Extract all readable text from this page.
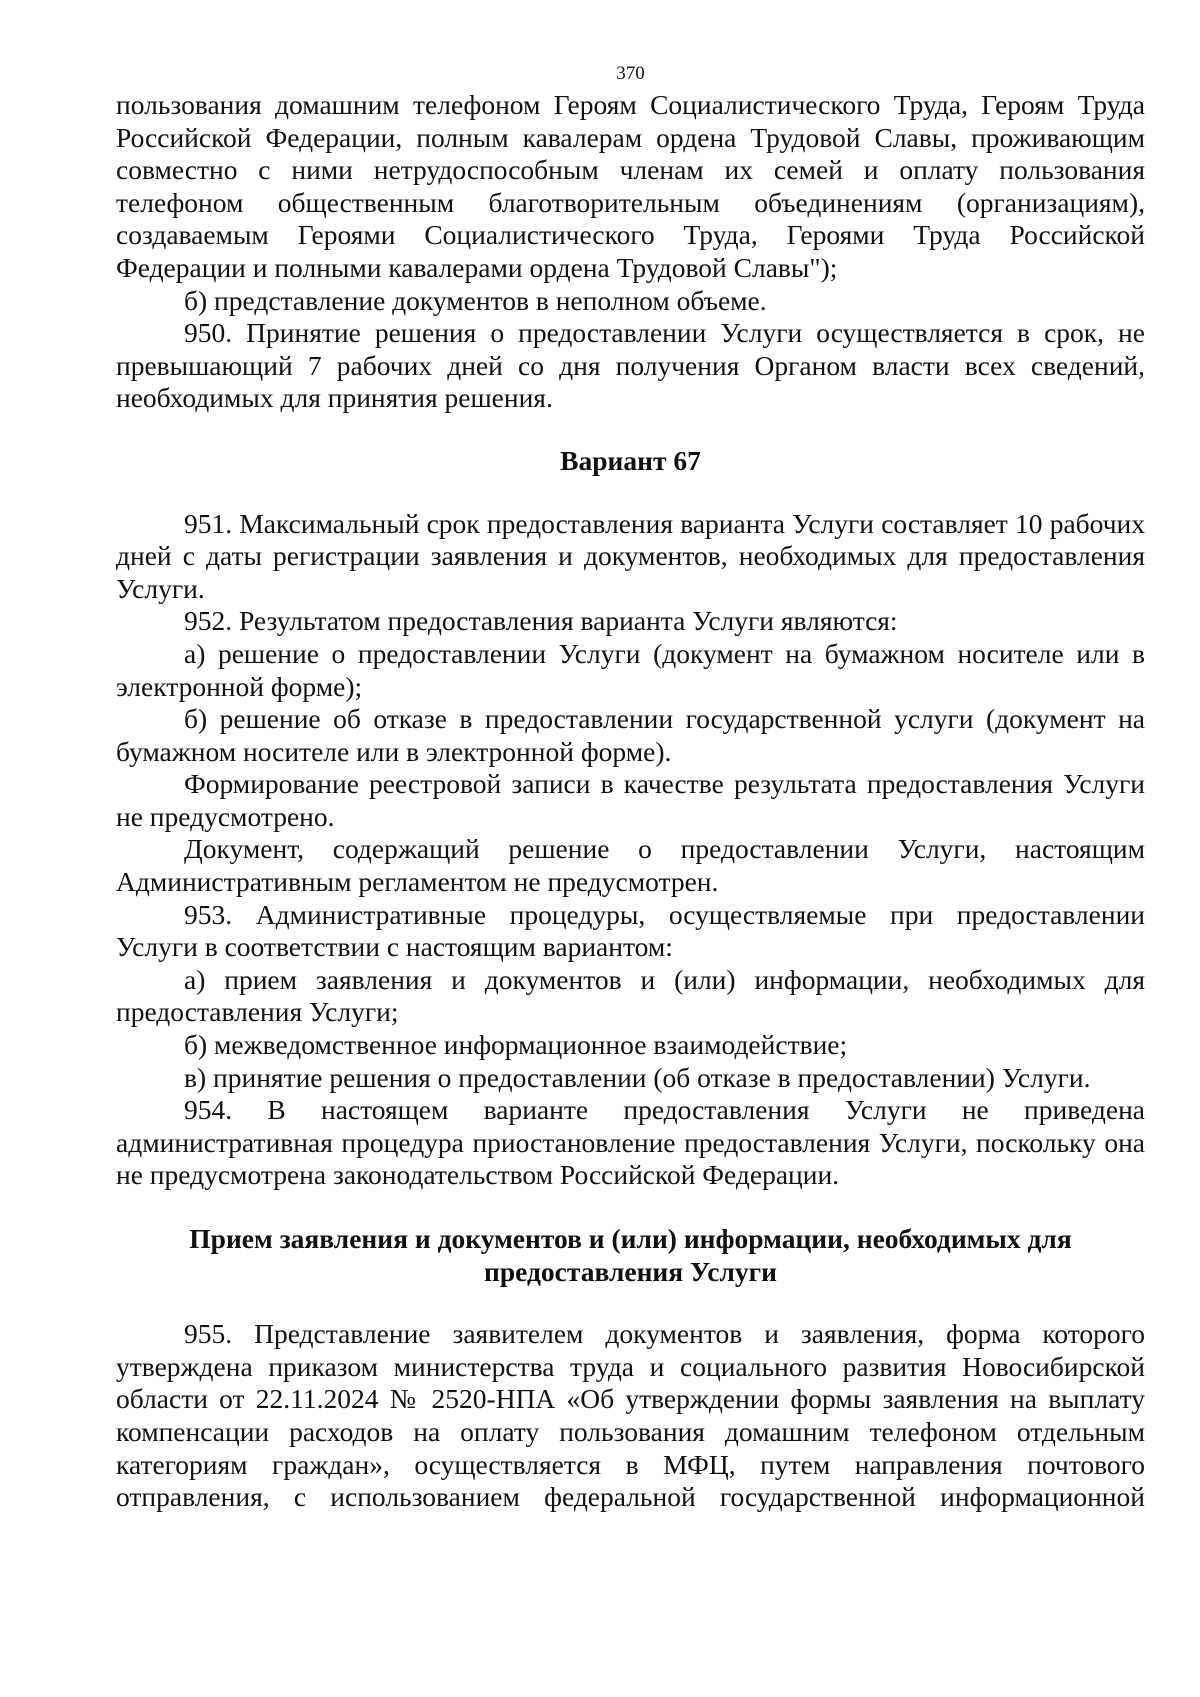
370

пользования домашним телефоном Героям Социалистического Труда, Героям Труда Российской Федерации, полным кавалерам ордена Трудовой Славы, проживающим совместно с ними нетрудоспособным членам их семей и оплату пользования телефоном общественным благотворительным объединениям (организациям), создаваемым Героями Социалистического Труда, Героями Труда Российской Федерации и полными кавалерами ордена Трудовой Славы");

б) представление документов в неполном объеме.

950. Принятие решения о предоставлении Услуги осуществляется в срок, не превышающий 7 рабочих дней со дня получения Органом власти всех сведений, необходимых для принятия решения.

Вариант 67

951. Максимальный срок предоставления варианта Услуги составляет 10 рабочих дней с даты регистрации заявления и документов, необходимых для предоставления Услуги.

952. Результатом предоставления варианта Услуги являются:

а) решение о предоставлении Услуги (документ на бумажном носителе или в электронной форме);

б) решение об отказе в предоставлении государственной услуги (документ на бумажном носителе или в электронной форме).

Формирование реестровой записи в качестве результата предоставления Услуги не предусмотрено.

Документ, содержащий решение о предоставлении Услуги, настоящим Административным регламентом не предусмотрен.

953. Административные процедуры, осуществляемые при предоставлении Услуги в соответствии с настоящим вариантом:

а) прием заявления и документов и (или) информации, необходимых для предоставления Услуги;

б) межведомственное информационное взаимодействие;

в) принятие решения о предоставлении (об отказе в предоставлении) Услуги.

954. В настоящем варианте предоставления Услуги не приведена административная процедура приостановление предоставления Услуги, поскольку она не предусмотрена законодательством Российской Федерации.

Прием заявления и документов и (или) информации, необходимых для
предоставления Услуги

955. Представление заявителем документов и заявления, форма которого утверждена приказом министерства труда и социального развития Новосибирской области от 22.11.2024 № 2520-НПА «Об утверждении формы заявления на выплату компенсации расходов на оплату пользования домашним телефоном отдельным категориям граждан», осуществляется в МФЦ, путем направления почтового отправления, с использованием федеральной государственной информационной
